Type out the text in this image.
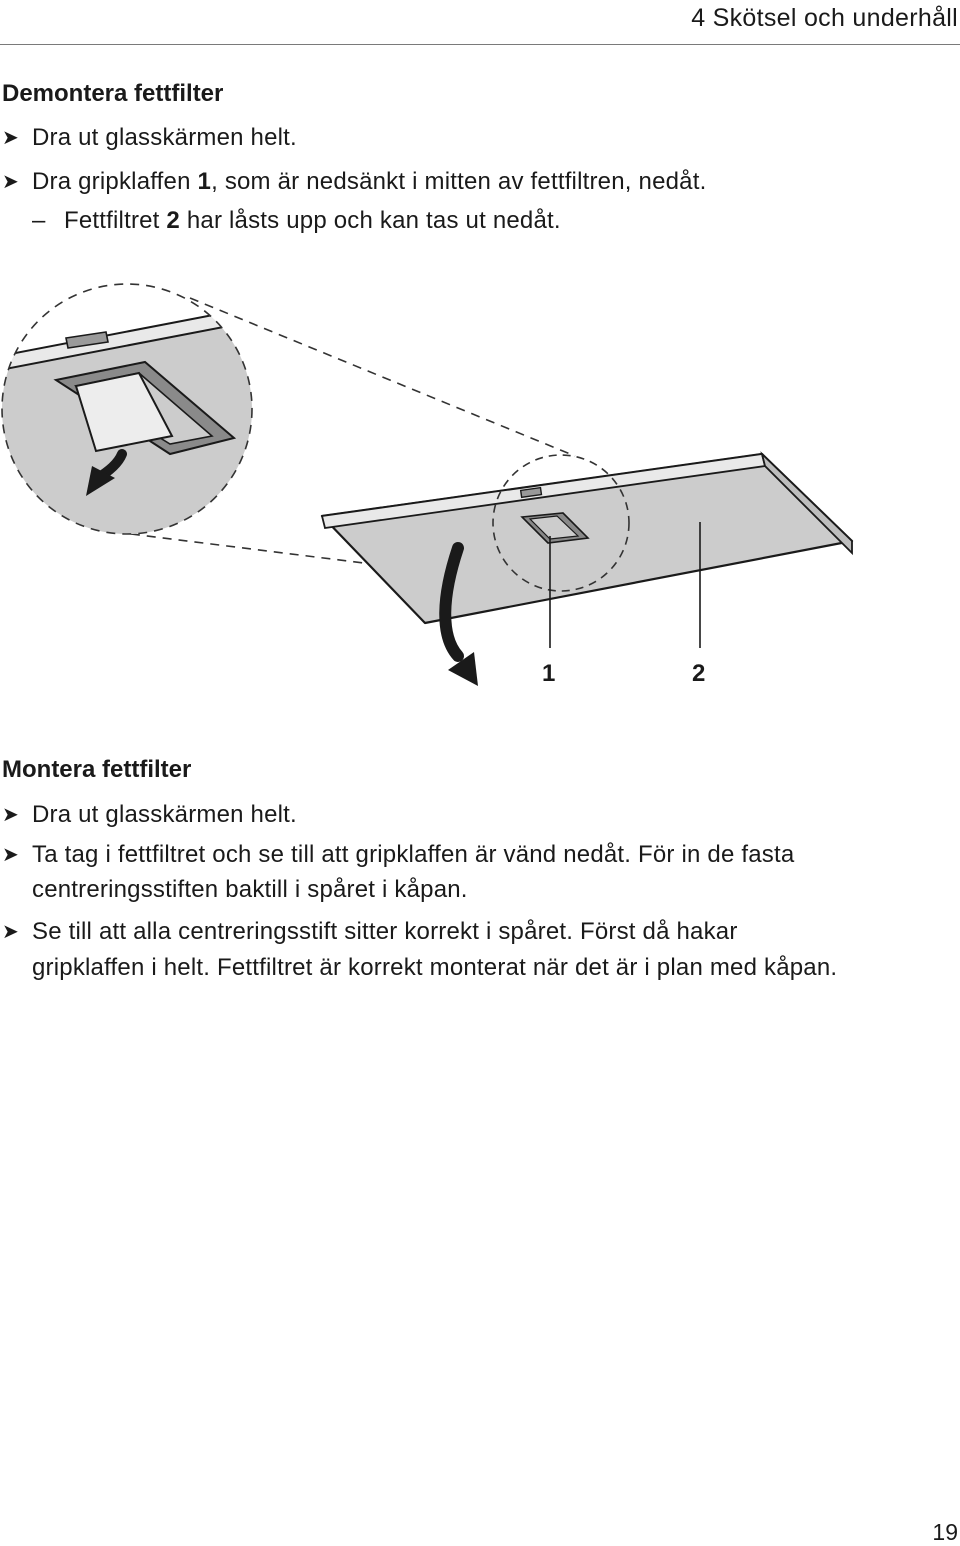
4 Skötsel och underhåll
Demontera fettfilter
➤ Dra ut glasskärmen helt.
➤ Dra gripklaffen 1, som är nedsänkt i mitten av fettfiltren, nedåt.
– Fettfiltret 2 har låsts upp och kan tas ut nedåt.
1	2
Montera fettfilter
➤ Dra ut glasskärmen helt.
➤ Ta tag i fettfiltret och se till att gripklaffen är vänd nedåt. För in de fasta
centreringsstiften baktill i spåret i kåpan.
➤ Se till att alla centreringsstift sitter korrekt i spåret. Först då hakar
gripklaffen i helt. Fettfiltret är korrekt monterat när det är i plan med kåpan.
19
